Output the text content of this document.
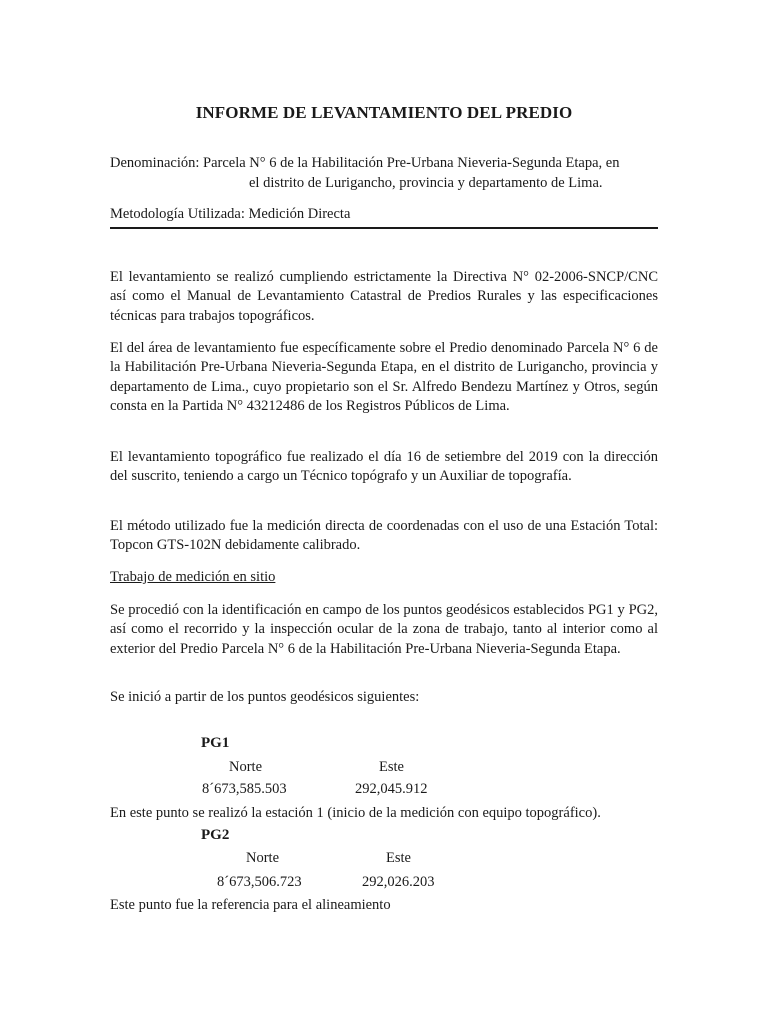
INFORME DE LEVANTAMIENTO DEL PREDIO
Denominación: Parcela N° 6 de la Habilitación Pre-Urbana Nieveria-Segunda Etapa, en
el distrito de Lurigancho, provincia y departamento de Lima.
Metodología Utilizada: Medición Directa

El levantamiento se realizó cumpliendo estrictamente la Directiva N° 02-2006-SNCP/CNC así como el Manual de Levantamiento Catastral de Predios Rurales y las especificaciones técnicas para trabajos topográficos.

El del área de levantamiento fue específicamente sobre el Predio denominado Parcela N° 6 de la Habilitación Pre-Urbana Nieveria-Segunda Etapa, en el distrito de Lurigancho, provincia y departamento de Lima., cuyo propietario son el Sr. Alfredo Bendezu Martínez y Otros, según consta en la Partida N° 43212486 de los Registros Públicos de Lima.

El levantamiento topográfico fue realizado el día 16 de setiembre del 2019 con la dirección del suscrito, teniendo a cargo un Técnico topógrafo y un Auxiliar de topografía.

El método utilizado fue la medición directa de coordenadas con el uso de una Estación Total: Topcon GTS-102N debidamente calibrado.

Trabajo de medición en sitio

Se procedió con la identificación en campo de los puntos geodésicos establecidos PG1 y PG2, así como el recorrido y la inspección ocular de la zona de trabajo, tanto al interior como al exterior del Predio Parcela N° 6 de la Habilitación Pre-Urbana Nieveria-Segunda Etapa.

Se inició a partir de los puntos geodésicos siguientes:
PG1
Norte	Este
8´673,585.503	292,045.912
En este punto se realizó la estación 1 (inicio de la medición con equipo topográfico).
PG2
Norte	Este
8´673,506.723	292,026.203
Este punto fue la referencia para el alineamiento
